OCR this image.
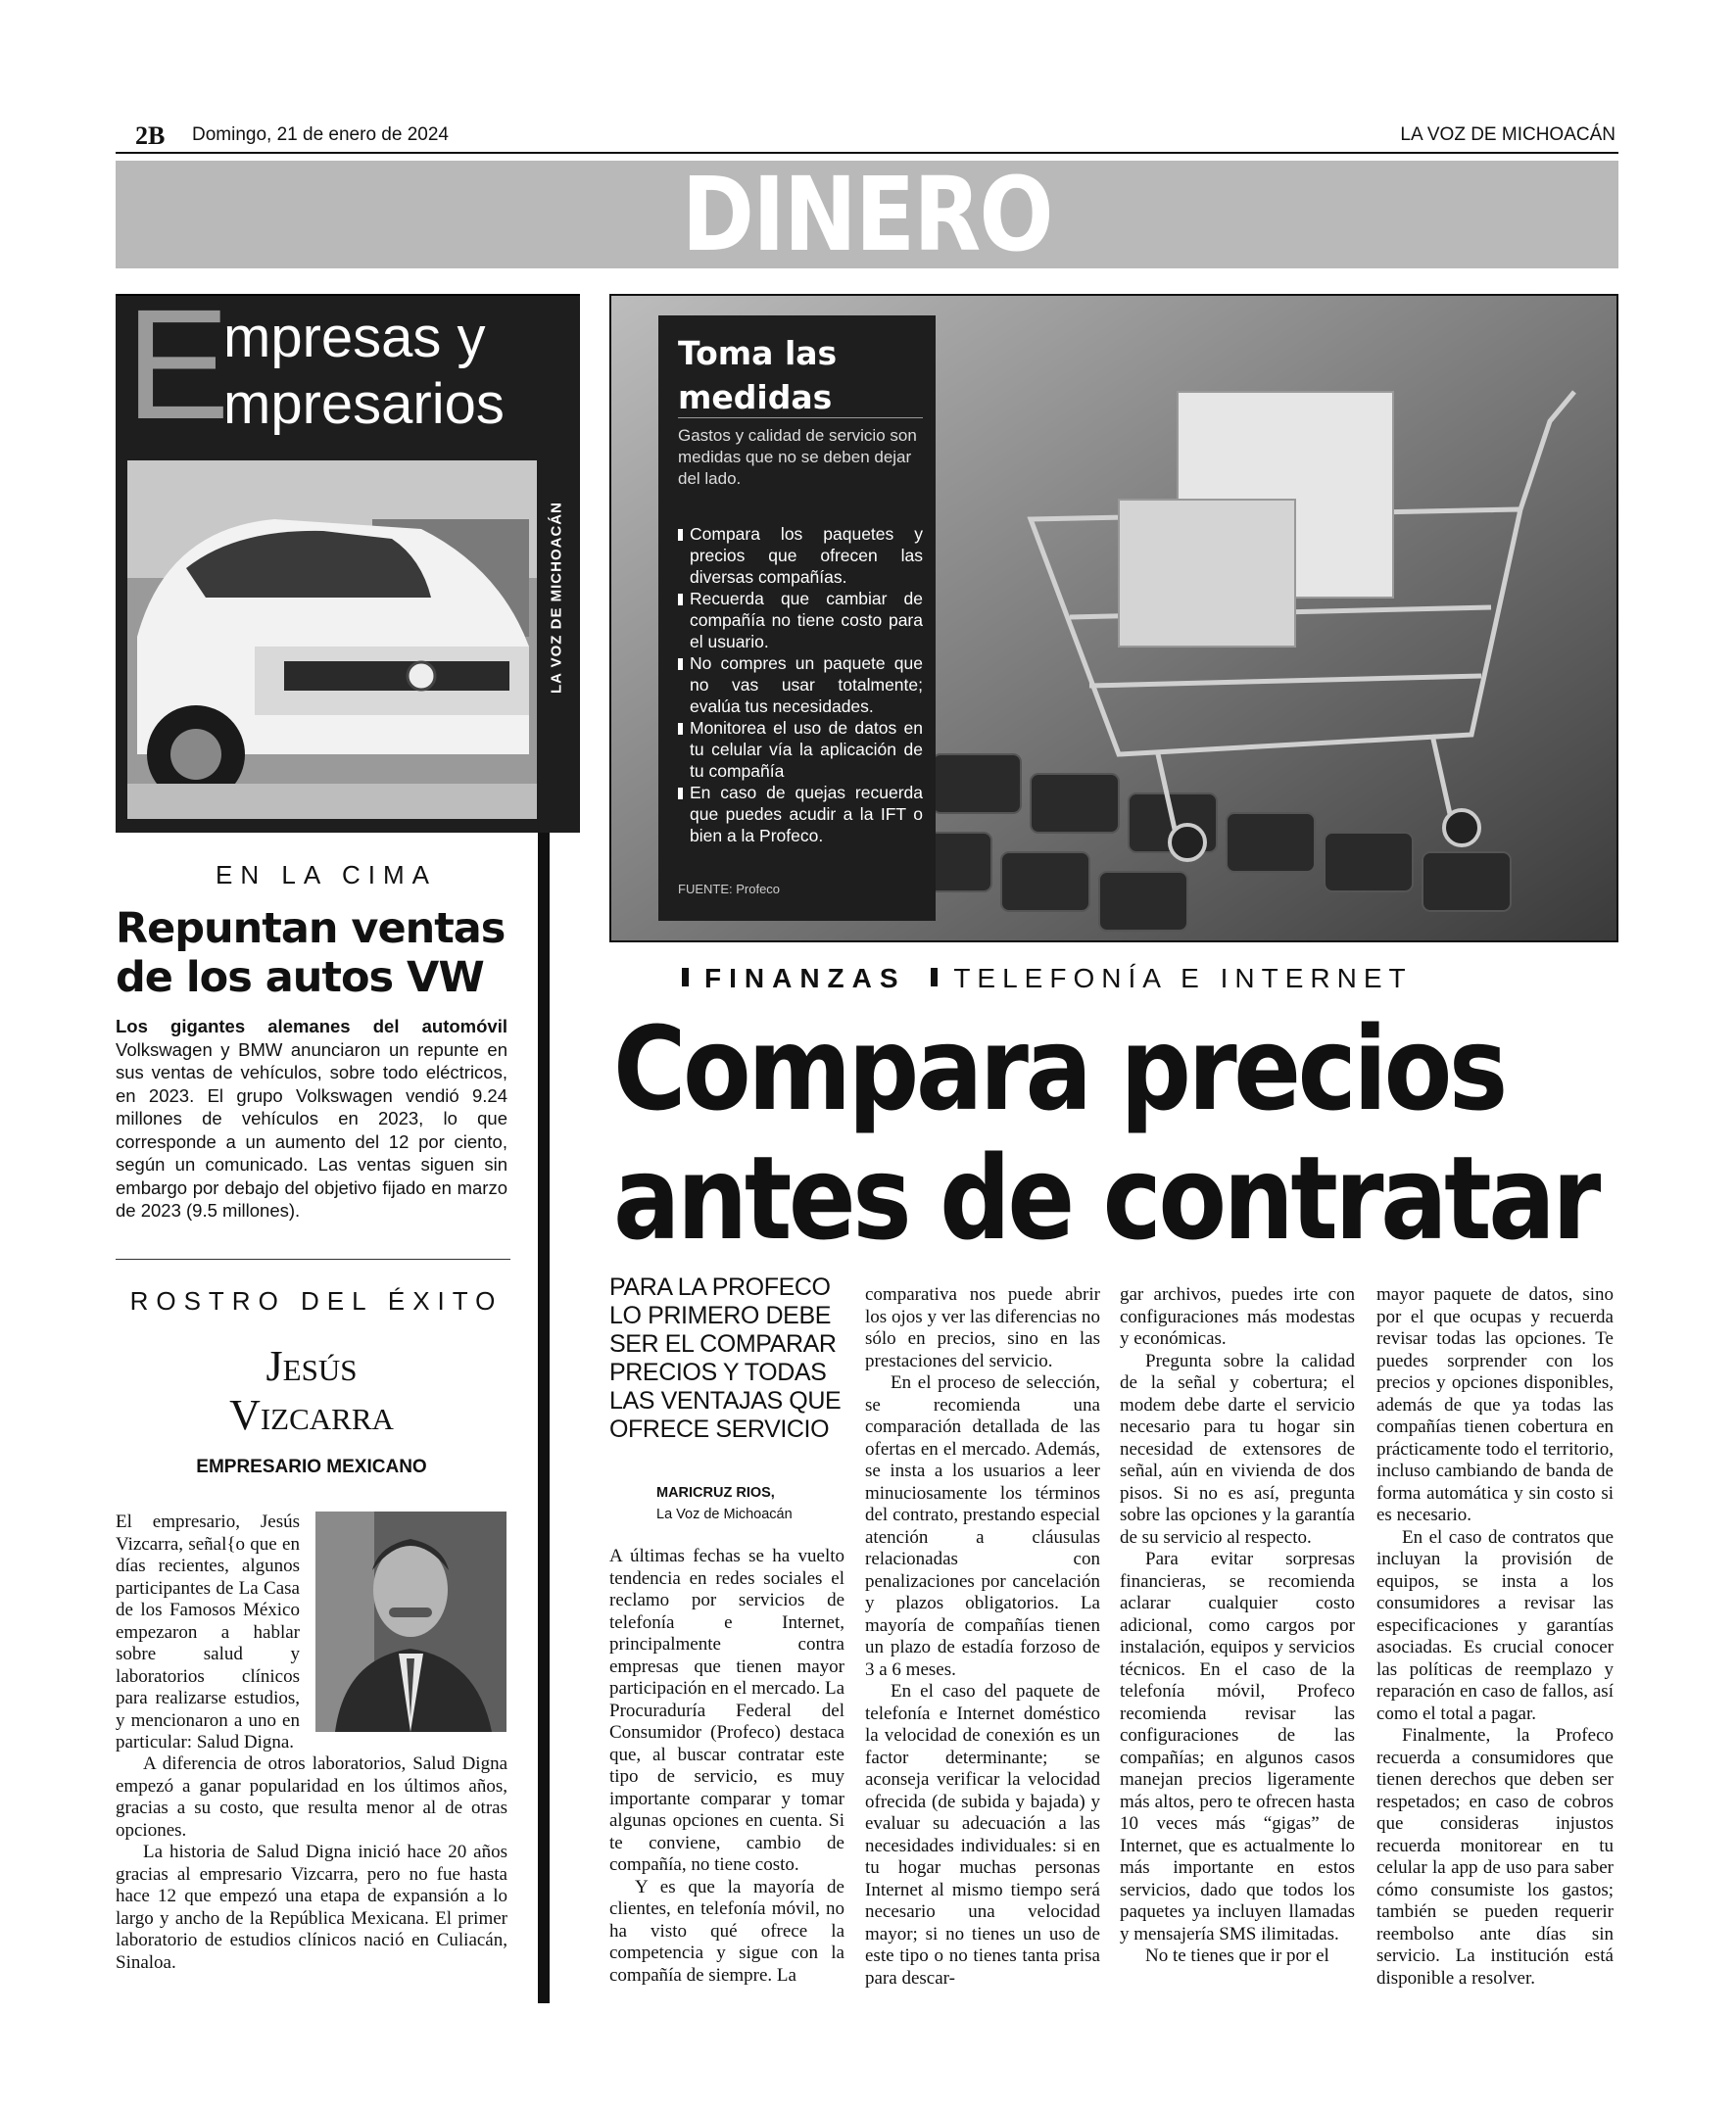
2B Domingo, 21 de enero de 2024	LA VOZ DE MICHOACÁN
DINERO
E
mpresas y
mpresarios
LA VOZ DE MICHOACÁN
EN LA CIMA
Repuntan ventas de los autos VW
Los gigantes alemanes del automóvil Volkswagen y BMW anunciaron un repunte en sus ventas de vehículos, sobre todo eléctricos, en 2023. El grupo Volkswagen vendió 9.24 millones de vehículos en 2023, lo que corresponde a un aumento del 12 por ciento, según un comunicado. Las ventas siguen sin embargo por debajo del objetivo fijado en marzo de 2023 (9.5 millones).
ROSTRO DEL ÉXITO
Jesús
Vizcarra
EMPRESARIO MEXICANO

El empresario, Jesús Vizcarra, señal{o que en días recientes, algunos participantes de La Casa de los Famosos México empezaron a hablar sobre salud y laboratorios clínicos para realizarse estudios, y mencionaron a uno en particular: Salud Digna.

A diferencia de otros laboratorios, Salud Digna empezó a ganar popularidad en los últimos años, gracias a su costo, que resulta menor al de otras opciones.

La historia de Salud Digna inició hace 20 años gracias al empresario Vizcarra, pero no fue hasta hace 12 que empezó una etapa de expansión a lo largo y ancho de la República Mexicana. El primer laboratorio de estudios clínicos nació en Culiacán, Sinaloa.

Toma las medidas
Gastos y calidad de servicio son medidas que no se deben dejar del lado.
Compara los paquetes y precios que ofrecen las diversas compañías.
Recuerda que cambiar de compañía no tiene costo para el usuario.
No compres un paquete que no vas usar totalmente; evalúa tus necesidades.
Monitorea el uso de datos en tu celular vía la aplicación de tu compañía
En caso de quejas recuerda que puedes acudir a la IFT o bien a la Profeco.
FUENTE: Profeco
FINANZAS TELEFONÍA E INTERNET
Compara precios
antes de contratar
PARA LA PROFECO LO PRIMERO DEBE SER EL COMPARAR PRECIOS Y TODAS LAS VENTAJAS QUE OFRECE SERVICIO
MARICRUZ RIOS,
La Voz de Michoacán

A últimas fechas se ha vuelto tendencia en redes sociales el reclamo por servicios de telefonía e Internet, principalmente contra empresas que tienen mayor participación en el mercado. La Procuraduría Federal del Consumidor (Profeco) destaca que, al buscar contratar este tipo de servicio, es muy importante comparar y tomar algunas opciones en cuenta. Si te conviene, cambio de compañía, no tiene costo.

Y es que la mayoría de clientes, en telefonía móvil, no ha visto qué ofrece la competencia y sigue con la compañía de siempre. La

comparativa nos puede abrir los ojos y ver las diferencias no sólo en precios, sino en las prestaciones del servicio.

En el proceso de selección, se recomienda una comparación detallada de las ofertas en el mercado. Además, se insta a los usuarios a leer minuciosamente los términos del contrato, prestando especial atención a cláusulas relacionadas con penalizaciones por cancelación y plazos obligatorios. La mayoría de compañías tienen un plazo de estadía forzoso de 3 a 6 meses.

En el caso del paquete de telefonía e Internet doméstico la velocidad de conexión es un factor determinante; se aconseja verificar la velocidad ofrecida (de subida y bajada) y evaluar su adecuación a las necesidades individuales: si en tu hogar muchas personas Internet al mismo tiempo será necesario una velocidad mayor; si no tienes un uso de este tipo o no tienes tanta prisa para descar-

gar archivos, puedes irte con configuraciones más modestas y económicas.

Pregunta sobre la calidad de la señal y cobertura; el modem debe darte el servicio necesario para tu hogar sin necesidad de extensores de señal, aún en vivienda de dos pisos. Si no es así, pregunta sobre las opciones y la garantía de su servicio al respecto.

Para evitar sorpresas financieras, se recomienda aclarar cualquier costo adicional, como cargos por instalación, equipos y servicios técnicos. En el caso de la telefonía móvil, Profeco recomienda revisar las configuraciones de las compañías; en algunos casos manejan precios ligeramente más altos, pero te ofrecen hasta 10 veces más “gigas” de Internet, que es actualmente lo más importante en estos servicios, dado que todos los paquetes ya incluyen llamadas y mensajería SMS ilimitadas.

No te tienes que ir por el

mayor paquete de datos, sino por el que ocupas y recuerda revisar todas las opciones. Te puedes sorprender con los precios y opciones disponibles, además de que ya todas las compañías tienen cobertura en prácticamente todo el territorio, incluso cambiando de banda de forma automática y sin costo si es necesario.

En el caso de contratos que incluyan la provisión de equipos, se insta a los consumidores a revisar las especificaciones y garantías asociadas. Es crucial conocer las políticas de reemplazo y reparación en caso de fallos, así como el total a pagar.

Finalmente, la Profeco recuerda a consumidores que tienen derechos que deben ser respetados; en caso de cobros que consideras injustos recuerda monitorear en tu celular la app de uso para saber cómo consumiste los gastos; también se pueden requerir reembolso ante días sin servicio. La institución está disponible a resolver.
